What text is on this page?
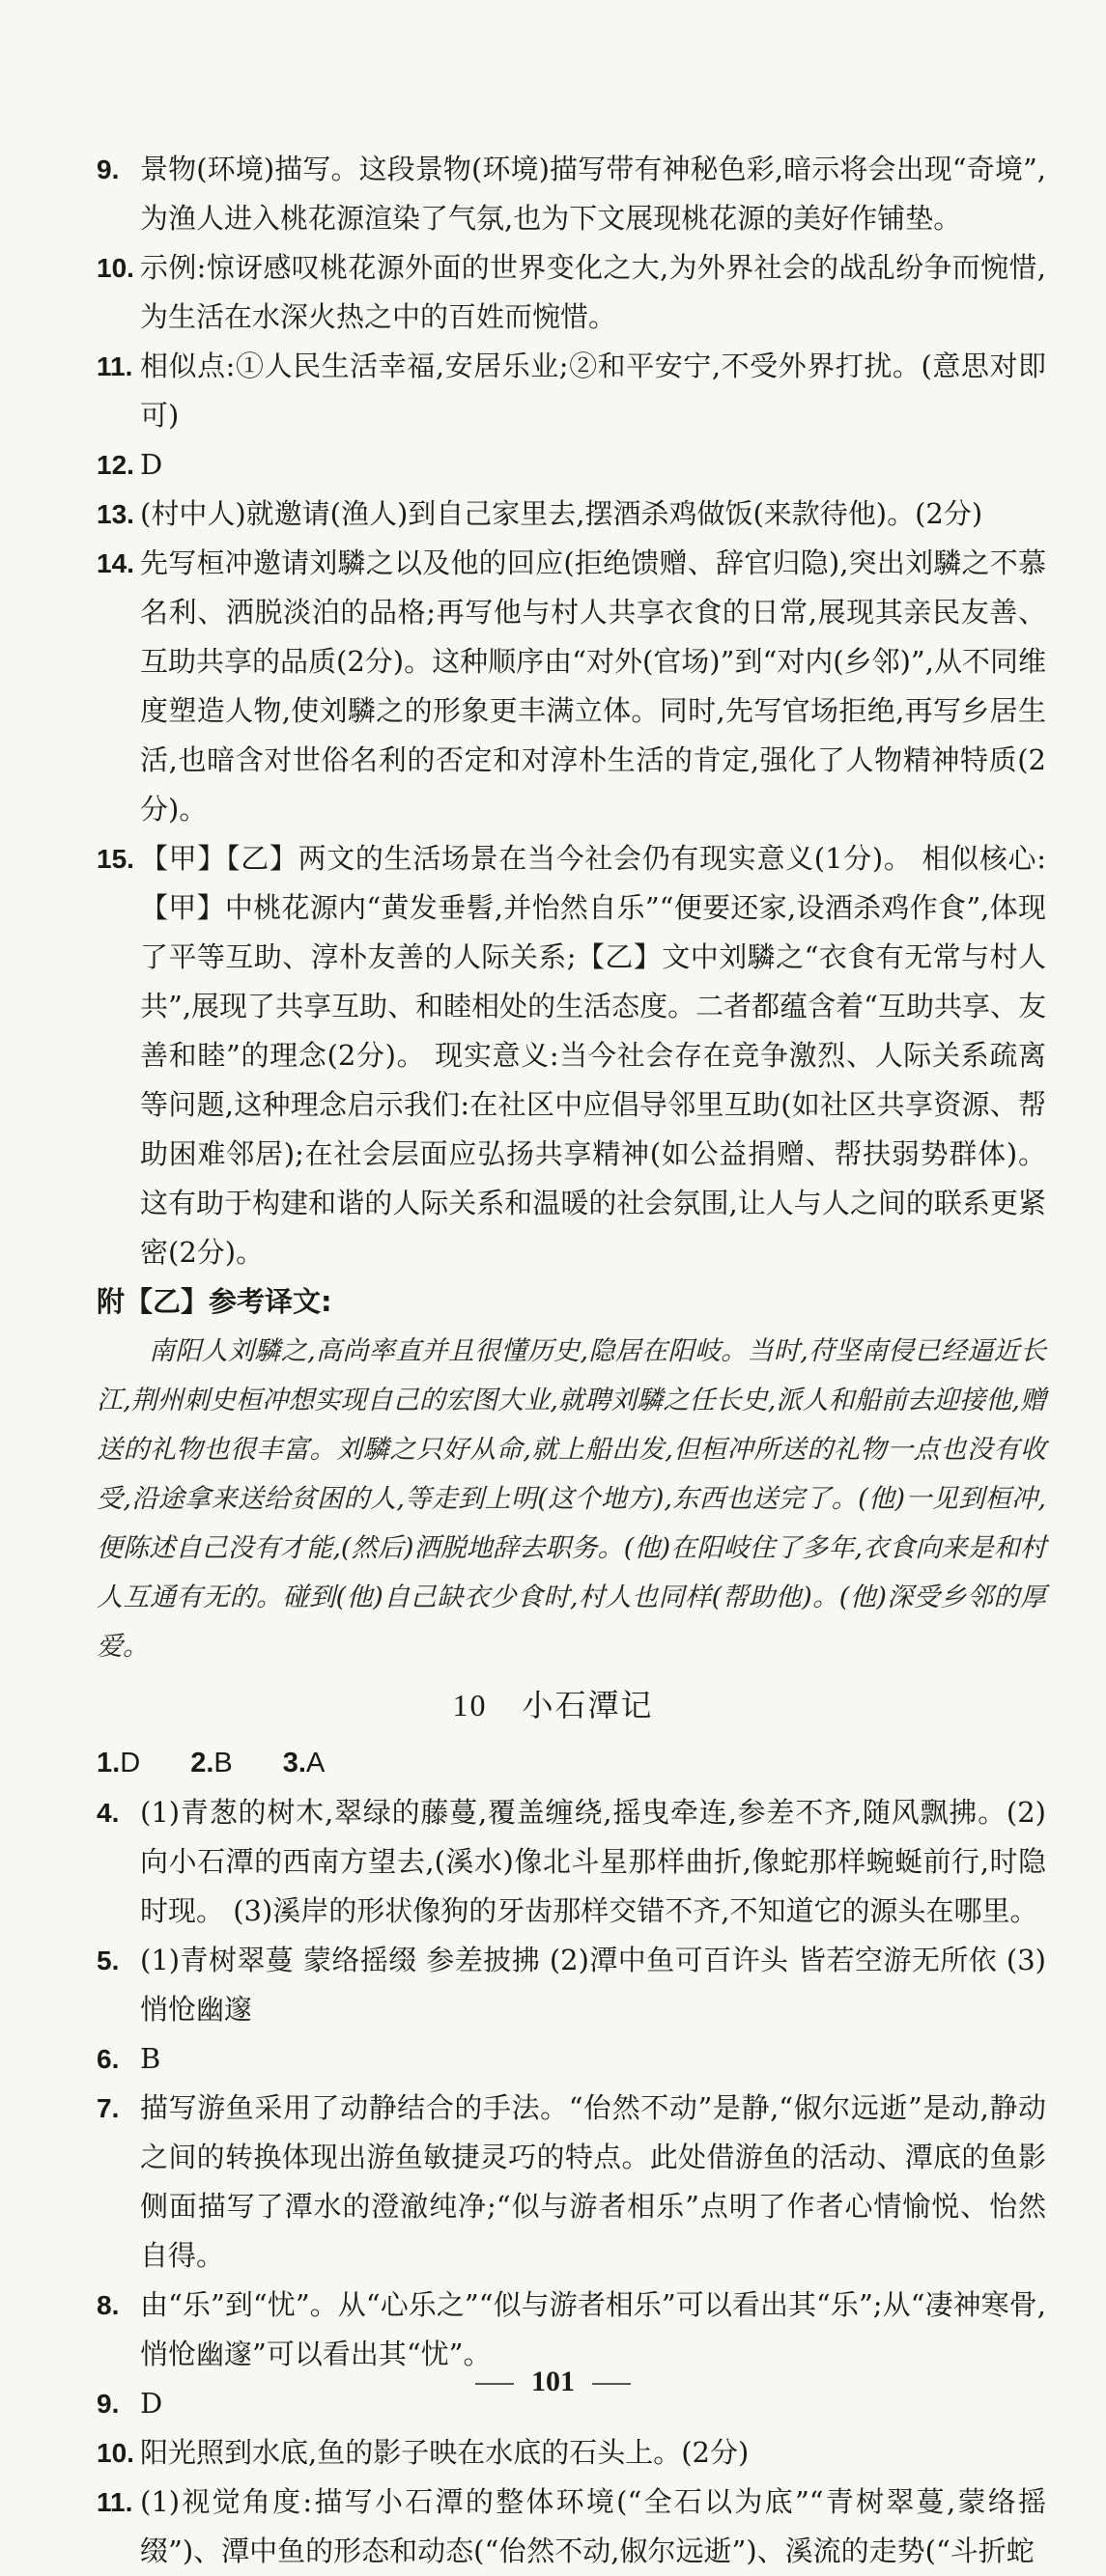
9. 景物(环境)描写。这段景物(环境)描写带有神秘色彩,暗示将会出现“奇境”,为渔人进入桃花源渲染了气氛,也为下文展现桃花源的美好作铺垫。
10. 示例:惊讶感叹桃花源外面的世界变化之大,为外界社会的战乱纷争而惋惜,为生活在水深火热之中的百姓而惋惜。
11. 相似点:①人民生活幸福,安居乐业;②和平安宁,不受外界打扰。(意思对即可)
12. D
13. (村中人)就邀请(渔人)到自己家里去,摆酒杀鸡做饭(来款待他)。(2分)
14. 先写桓冲邀请刘驎之以及他的回应(拒绝馈赠、辞官归隐),突出刘驎之不慕名利、洒脱淡泊的品格;再写他与村人共享衣食的日常,展现其亲民友善、互助共享的品质(2分)。这种顺序由“对外(官场)”到“对内(乡邻)”,从不同维度塑造人物,使刘驎之的形象更丰满立体。同时,先写官场拒绝,再写乡居生活,也暗含对世俗名利的否定和对淳朴生活的肯定,强化了人物精神特质(2分)。
15. 【甲】【乙】两文的生活场景在当今社会仍有现实意义(1分)。 相似核心:【甲】中桃花源内“黄发垂髫,并怡然自乐”“便要还家,设酒杀鸡作食”,体现了平等互助、淳朴友善的人际关系;【乙】文中刘驎之“衣食有无常与村人共”,展现了共享互助、和睦相处的生活态度。二者都蕴含着“互助共享、友善和睦”的理念(2分)。 现实意义:当今社会存在竞争激烈、人际关系疏离等问题,这种理念启示我们:在社区中应倡导邻里互助(如社区共享资源、帮助困难邻居);在社会层面应弘扬共享精神(如公益捐赠、帮扶弱势群体)。这有助于构建和谐的人际关系和温暖的社会氛围,让人与人之间的联系更紧密(2分)。
附【乙】参考译文:
南阳人刘驎之,高尚率直并且很懂历史,隐居在阳岐。当时,苻坚南侵已经逼近长江,荆州刺史桓冲想实现自己的宏图大业,就聘刘驎之任长史,派人和船前去迎接他,赠送的礼物也很丰富。刘驎之只好从命,就上船出发,但桓冲所送的礼物一点也没有收受,沿途拿来送给贫困的人,等走到上明(这个地方),东西也送完了。(他)一见到桓冲,便陈述自己没有才能,(然后)洒脱地辞去职务。(他)在阳岐住了多年,衣食向来是和村人互通有无的。碰到(他)自己缺衣少食时,村人也同样(帮助他)。(他)深受乡邻的厚爱。
10 小石潭记
1.D 2.B 3.A
4. (1)青葱的树木,翠绿的藤蔓,覆盖缠绕,摇曳牵连,参差不齐,随风飘拂。(2)向小石潭的西南方望去,(溪水)像北斗星那样曲折,像蛇那样蜿蜒前行,时隐时现。 (3)溪岸的形状像狗的牙齿那样交错不齐,不知道它的源头在哪里。
5. (1)青树翠蔓 蒙络摇缀 参差披拂 (2)潭中鱼可百许头 皆若空游无所依 (3)悄怆幽邃
6. B
7. 描写游鱼采用了动静结合的手法。“佁然不动”是静,“俶尔远逝”是动,静动之间的转换体现出游鱼敏捷灵巧的特点。此处借游鱼的活动、潭底的鱼影侧面描写了潭水的澄澈纯净;“似与游者相乐”点明了作者心情愉悦、怡然自得。
8. 由“乐”到“忧”。从“心乐之”“似与游者相乐”可以看出其“乐”;从“凄神寒骨,悄怆幽邃”可以看出其“忧”。
9. D
10. 阳光照到水底,鱼的影子映在水底的石头上。(2分)
11. (1)视觉角度:描写小石潭的整体环境(“全石以为底”“青树翠蔓,蒙络摇缀”)、潭中鱼的形态和动态(“佁然不动,俶尔远逝”)、溪流的走势(“斗折蛇
101
